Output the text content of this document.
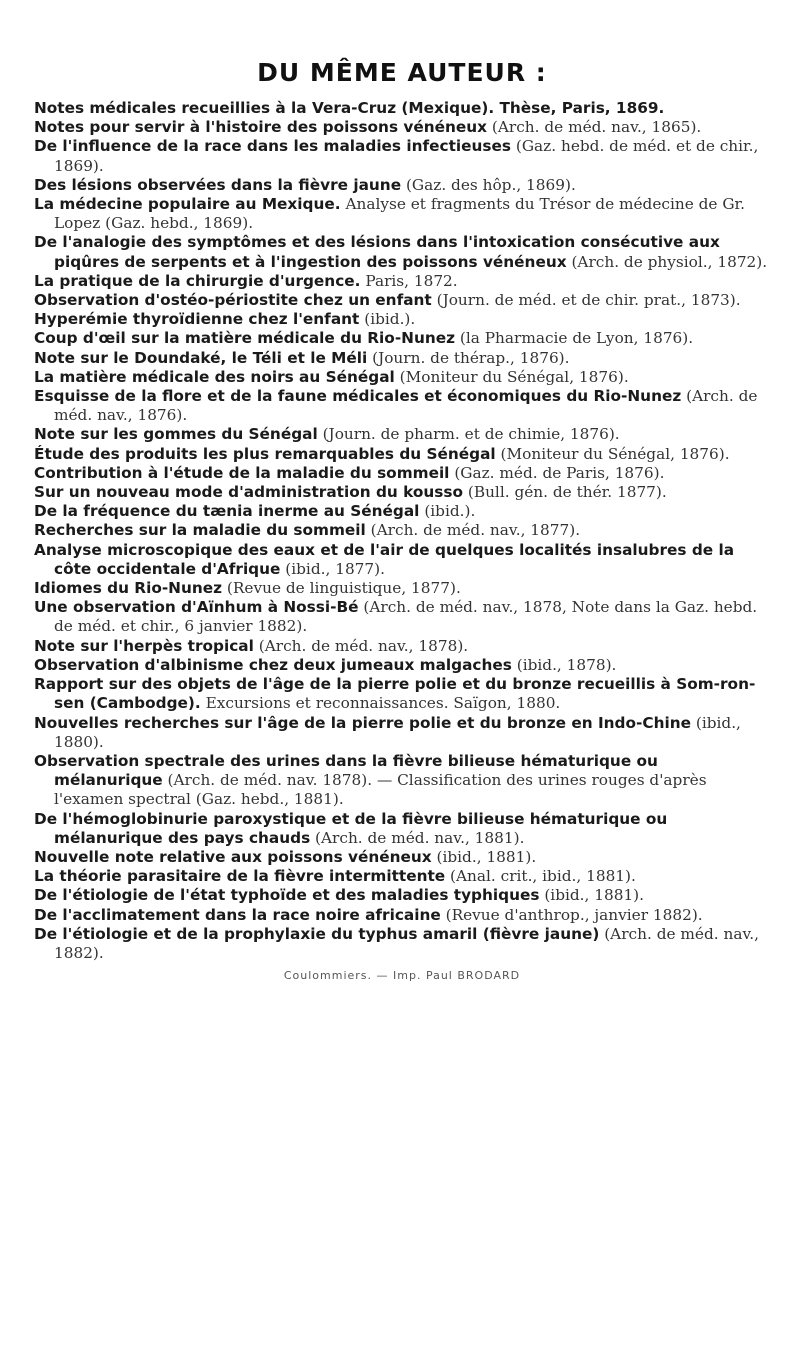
DU MÊME AUTEUR :
Notes médicales recueillies à la Vera-Cruz (Mexique). Thèse, Paris, 1869.
Notes pour servir à l'histoire des poissons vénéneux (Arch. de méd. nav., 1865).
De l'influence de la race dans les maladies infectieuses (Gaz. hebd. de méd. et de chir., 1869).
Des lésions observées dans la fièvre jaune (Gaz. des hôp., 1869).
La médecine populaire au Mexique. Analyse et fragments du Trésor de médecine de Gr. Lopez (Gaz. hebd., 1869).
De l'analogie des symptômes et des lésions dans l'intoxication consécutive aux piqûres de serpents et à l'ingestion des poissons vénéneux (Arch. de physiol., 1872).
La pratique de la chirurgie d'urgence. Paris, 1872.
Observation d'ostéo-périostite chez un enfant (Journ. de méd. et de chir. prat., 1873).
Hyperémie thyroïdienne chez l'enfant (ibid.).
Coup d'œil sur la matière médicale du Rio-Nunez (la Pharmacie de Lyon, 1876).
Note sur le Doundaké, le Téli et le Méli (Journ. de thérap., 1876).
La matière médicale des noirs au Sénégal (Moniteur du Sénégal, 1876).
Esquisse de la flore et de la faune médicales et économiques du Rio-Nunez (Arch. de méd. nav., 1876).
Note sur les gommes du Sénégal (Journ. de pharm. et de chimie, 1876).
Étude des produits les plus remarquables du Sénégal (Moniteur du Sénégal, 1876).
Contribution à l'étude de la maladie du sommeil (Gaz. méd. de Paris, 1876).
Sur un nouveau mode d'administration du kousso (Bull. gén. de thér. 1877).
De la fréquence du tænia inerme au Sénégal (ibid.).
Recherches sur la maladie du sommeil (Arch. de méd. nav., 1877).
Analyse microscopique des eaux et de l'air de quelques localités insalubres de la côte occidentale d'Afrique (ibid., 1877).
Idiomes du Rio-Nunez (Revue de linguistique, 1877).
Une observation d'Aïnhum à Nossi-Bé (Arch. de méd. nav., 1878, Note dans la Gaz. hebd. de méd. et chir., 6 janvier 1882).
Note sur l'herpès tropical (Arch. de méd. nav., 1878).
Observation d'albinisme chez deux jumeaux malgaches (ibid., 1878).
Rapport sur des objets de l'âge de la pierre polie et du bronze recueillis à Som-ron-sen (Cambodge). Excursions et reconnaissances. Saïgon, 1880.
Nouvelles recherches sur l'âge de la pierre polie et du bronze en Indo-Chine (ibid., 1880).
Observation spectrale des urines dans la fièvre bilieuse hématurique ou mélanurique (Arch. de méd. nav. 1878). — Classification des urines rouges d'après l'examen spectral (Gaz. hebd., 1881).
De l'hémoglobinurie paroxystique et de la fièvre bilieuse hématurique ou mélanurique des pays chauds (Arch. de méd. nav., 1881).
Nouvelle note relative aux poissons vénéneux (ibid., 1881).
La théorie parasitaire de la fièvre intermittente (Anal. crit., ibid., 1881).
De l'étiologie de l'état typhoïde et des maladies typhiques (ibid., 1881).
De l'acclimatement dans la race noire africaine (Revue d'anthrop., janvier 1882).
De l'étiologie et de la prophylaxie du typhus amaril (fièvre jaune) (Arch. de méd. nav., 1882).
Coulommiers. — Imp. Paul BRODARD
